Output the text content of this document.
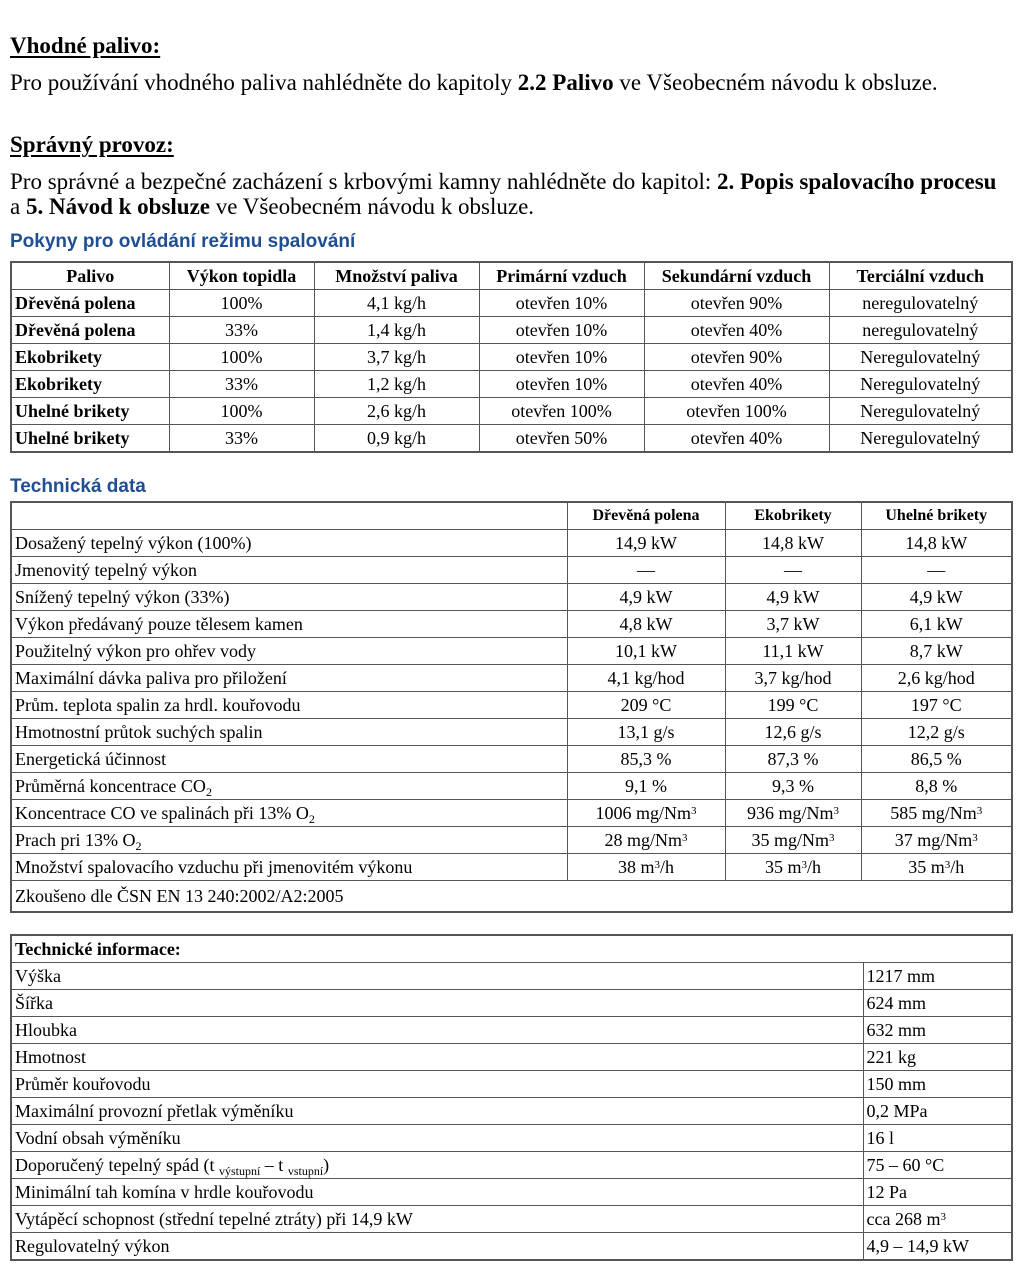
Vhodné palivo:

Pro používání vhodného paliva nahlédněte do kapitoly 2.2 Palivo ve Všeobecném návodu k obsluze.

Správný provoz:

Pro správné a bezpečné zacházení s krbovými kamny nahlédněte do kapitol: 2. Popis spalovacího procesu a 5. Návod k obsluze ve Všeobecném návodu k obsluze.

Pokyny pro ovládání režimu spalování

Palivo	Výkon topidla	Množství paliva	Primární vzduch	Sekundární vzduch	Terciální vzduch
Dřevěná polena	100%	4,1 kg/h	otevřen 10%	otevřen 90%	neregulovatelný
Dřevěná polena	33%	1,4 kg/h	otevřen 10%	otevřen 40%	neregulovatelný
Ekobrikety	100%	3,7 kg/h	otevřen 10%	otevřen 90%	Neregulovatelný
Ekobrikety	33%	1,2 kg/h	otevřen 10%	otevřen 40%	Neregulovatelný
Uhelné brikety	100%	2,6 kg/h	otevřen 100%	otevřen 100%	Neregulovatelný
Uhelné brikety	33%	0,9 kg/h	otevřen 50%	otevřen 40%	Neregulovatelný

Technická data

	Dřevěná polena	Ekobrikety	Uhelné brikety
Dosažený tepelný výkon (100%)	14,9 kW	14,8 kW	14,8 kW
Jmenovitý tepelný výkon	—	—	—
Snížený tepelný výkon (33%)	4,9 kW	4,9 kW	4,9 kW
Výkon předávaný pouze tělesem kamen	4,8 kW	3,7 kW	6,1 kW
Použitelný výkon pro ohřev vody	10,1 kW	11,1 kW	8,7 kW
Maximální dávka paliva pro přiložení	4,1 kg/hod	3,7 kg/hod	2,6 kg/hod
Prům. teplota spalin za hrdl. kouřovodu	209 °C	199 °C	197 °C
Hmotnostní průtok suchých spalin	13,1 g/s	12,6 g/s	12,2 g/s
Energetická účinnost	85,3 %	87,3 %	86,5 %
Průměrná koncentrace $CO_2$	9,1 %	9,3 %	8,8 %
Koncentrace CO ve spalinách při 13% $O_2$	1006 mg/Nm$^3$	936 mg/Nm$^3$	585 mg/Nm$^3$
Prach pri 13% $O_2$	28 mg/Nm$^3$	35 mg/Nm$^3$	37 mg/Nm$^3$
Množství spalovacího vzduchu při jmenovitém výkonu	38 $m^3/h$	35 $m^3/h$	35 $m^3/h$
Zkoušeno dle ČSN EN 13 240:2002/A2:2005			
Technické informace:	
Výška	1217 mm
Šířka	624 mm
Hloubka	632 mm
Hmotnost	221 kg
Průměr kouřovodu	150 mm
Maximální provozní přetlak výměníku	0,2 MPa
Vodní obsah výměníku	16 l
Doporučený tepelný spád (t $_{výstupní}$ – t $_{vstupní}$)	75 – 60 °C
Minimální tah komína v hrdle kouřovodu	12 Pa
Vytápěcí schopnost (střední tepelné ztráty) při 14,9 kW	cca 268 $m^3$
Regulovatelný výkon	4,9 – 14,9 kW
